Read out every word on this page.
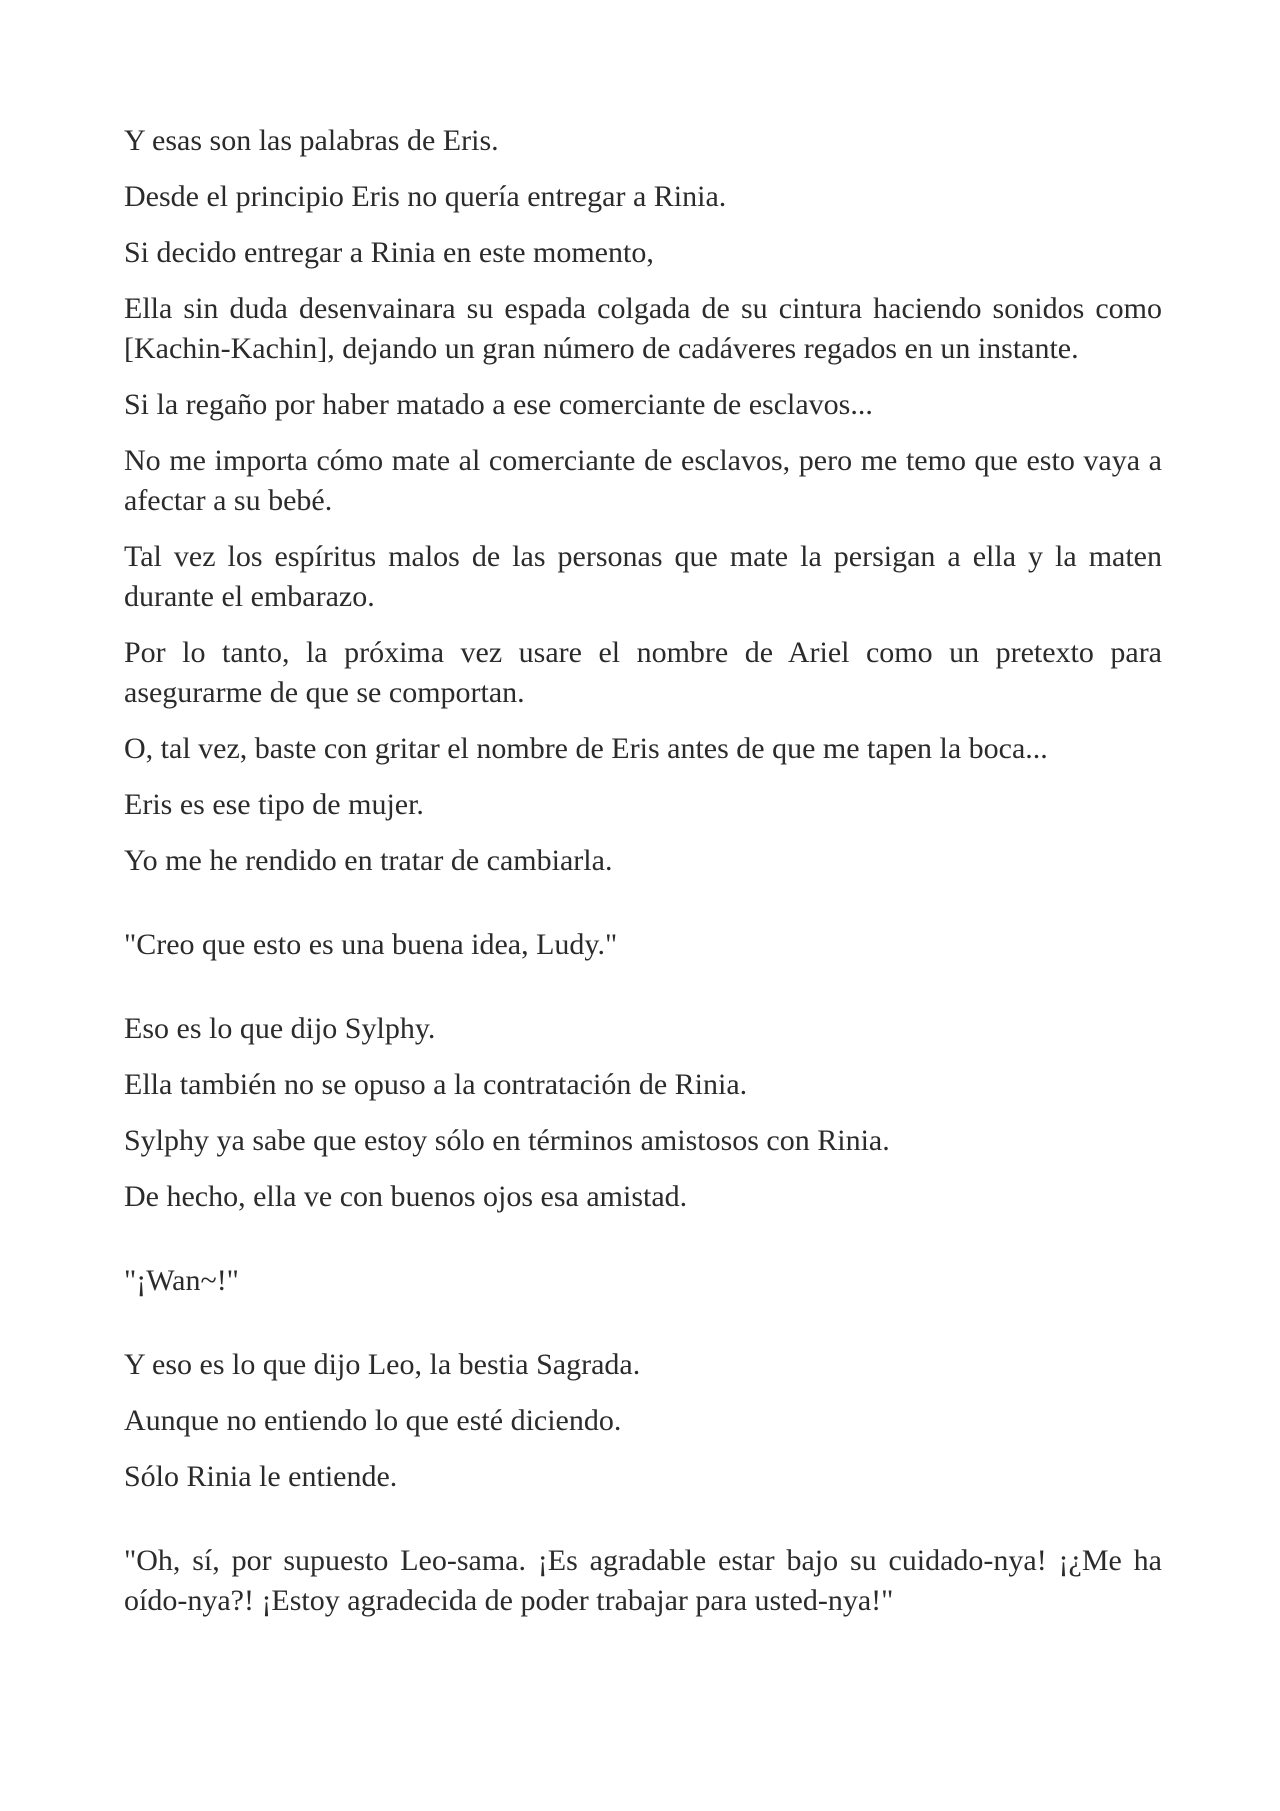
Y esas son las palabras de Eris.

Desde el principio Eris no quería entregar a Rinia.

Si decido entregar a Rinia en este momento,

Ella sin duda desenvainara su espada colgada de su cintura haciendo sonidos como [Kachin-Kachin], dejando un gran número de cadáveres regados en un instante.

Si la regaño por haber matado a ese comerciante de esclavos...

No me importa cómo mate al comerciante de esclavos, pero me temo que esto vaya a afectar a su bebé.

Tal vez los espíritus malos de las personas que mate la persigan a ella y la maten durante el embarazo.

Por lo tanto, la próxima vez usare el nombre de Ariel como un pretexto para asegurarme de que se comportan.

O, tal vez, baste con gritar el nombre de Eris antes de que me tapen la boca...

Eris es ese tipo de mujer.

Yo me he rendido en tratar de cambiarla.

"Creo que esto es una buena idea, Ludy."

Eso es lo que dijo Sylphy.

Ella también no se opuso a la contratación de Rinia.

Sylphy ya sabe que estoy sólo en términos amistosos con Rinia.

De hecho, ella ve con buenos ojos esa amistad.

"¡Wan~!"

Y eso es lo que dijo Leo, la bestia Sagrada.

Aunque no entiendo lo que esté diciendo.

Sólo Rinia le entiende.

"Oh, sí, por supuesto Leo-sama. ¡Es agradable estar bajo su cuidado-nya! ¡¿Me ha oído-nya?! ¡Estoy agradecida de poder trabajar para usted-nya!"
